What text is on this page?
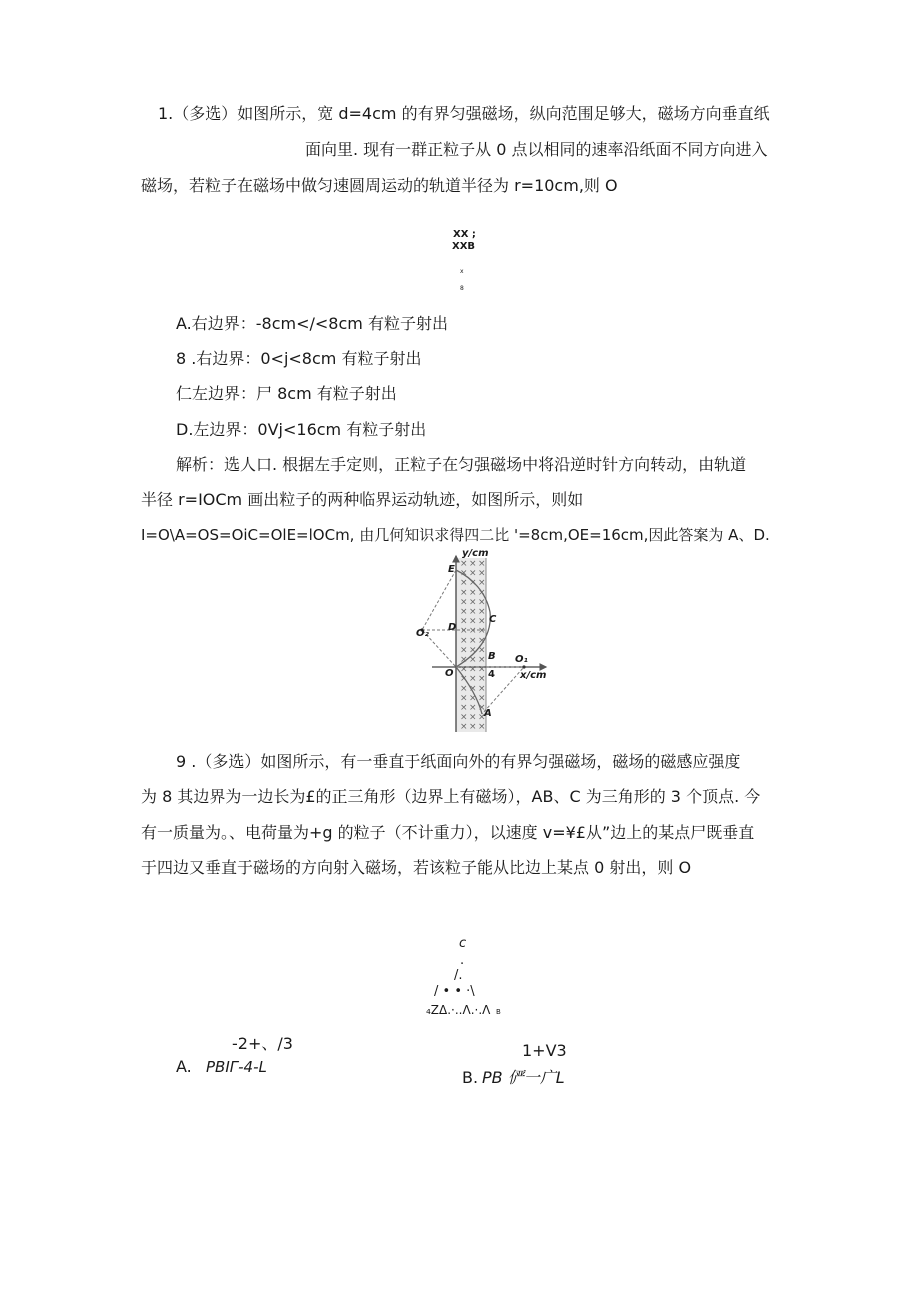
1.（多选）如图所示，宽 d=4cm 的有界匀强磁场，纵向范围足够大，磁场方向垂直纸
面向里. 现有一群正粒子从 0 点以相同的速率沿纸面不同方向进入
磁场，若粒子在磁场中做匀速圆周运动的轨道半径为 r=10cm,则 O
XX ;
XXB
x
8
A.右边界：-8cm</<8cm 有粒子射出
8 .右边界：0<j<8cm 有粒子射出
仁左边界：尸 8cm 有粒子射出
D.左边界：0Vj<16cm 有粒子射出
解析：选人口. 根据左手定则，正粒子在匀强磁场中将沿逆时针方向转动，由轨道
半径 r=IOCm 画出粒子的两种临界运动轨迹，如图所示，则如
I=O\A=OS=OiC=OlE=lOCm, 由几何知识求得四二比 '=8cm,OE=16cm,因此答案为 A、D.
× × ×
× × ×
× × ×
× × ×
× × ×
× × ×
× × ×
× × ×
× × ×
× × ×
× × ×
× × ×
× × ×
× × ×
× × ×
× × ×
× × ×
× × ×
y/cm
E
C
D
O₂
B O₁
O	4	x/cm
A
9 .（多选）如图所示，有一垂直于纸面向外的有界匀强磁场，磁场的磁感应强度
为 8 其边界为一边长为£的正三角形（边界上有磁场），AB、C 为三角形的 3 个顶点. 今
有一质量为。、电荷量为+g 的粒子（不计重力），以速度 v=¥£从”边上的某点尸既垂直
于四边又垂直于磁场的方向射入磁场，若该粒子能从比边上某点 0 射出，则 O
c
.
/.
/ • • ·\
₄ZΔ.·..Λ.·.Λ B
-2+、/3
A. PBIΓ-4-L
1+V3
B. PB 俨一广L
